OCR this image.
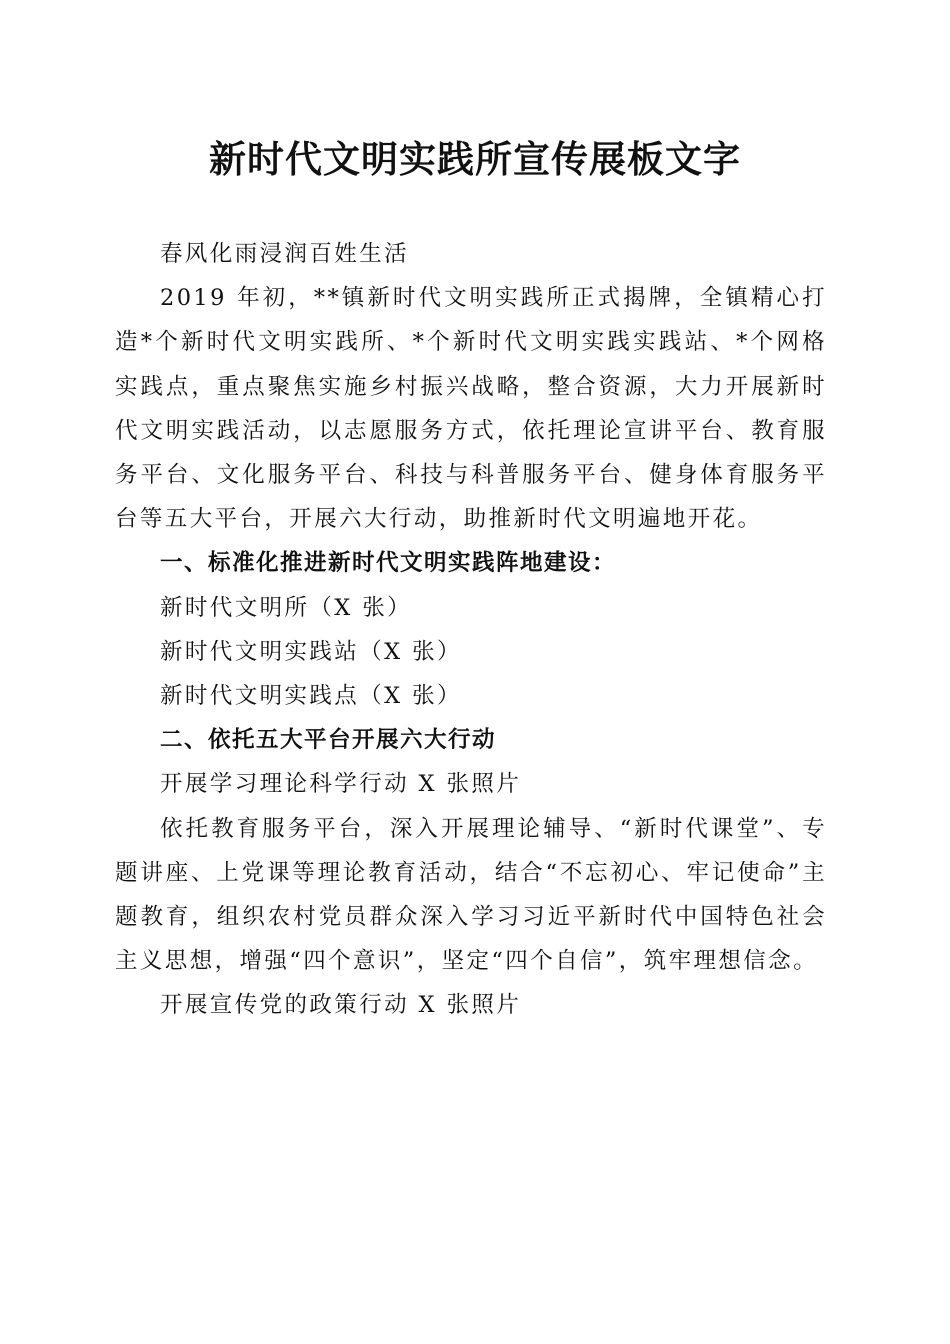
新时代文明实践所宣传展板文字

春风化雨浸润百姓生活

2019 年初，**镇新时代文明实践所正式揭牌，全镇精心打造*个新时代文明实践所、*个新时代文明实践实践站、*个网格实践点，重点聚焦实施乡村振兴战略，整合资源，大力开展新时代文明实践活动，以志愿服务方式，依托理论宣讲平台、教育服务平台、文化服务平台、科技与科普服务平台、健身体育服务平台等五大平台，开展六大行动，助推新时代文明遍地开花。

一、标准化推进新时代文明实践阵地建设：

新时代文明所（X 张）

新时代文明实践站（X 张）

新时代文明实践点（X 张）

二、依托五大平台开展六大行动

开展学习理论科学行动 X 张照片

依托教育服务平台，深入开展理论辅导、“新时代课堂”、专题讲座、上党课等理论教育活动，结合“不忘初心、牢记使命”主题教育，组织农村党员群众深入学习习近平新时代中国特色社会主义思想，增强“四个意识”，坚定“四个自信”，筑牢理想信念。

开展宣传党的政策行动 X 张照片
